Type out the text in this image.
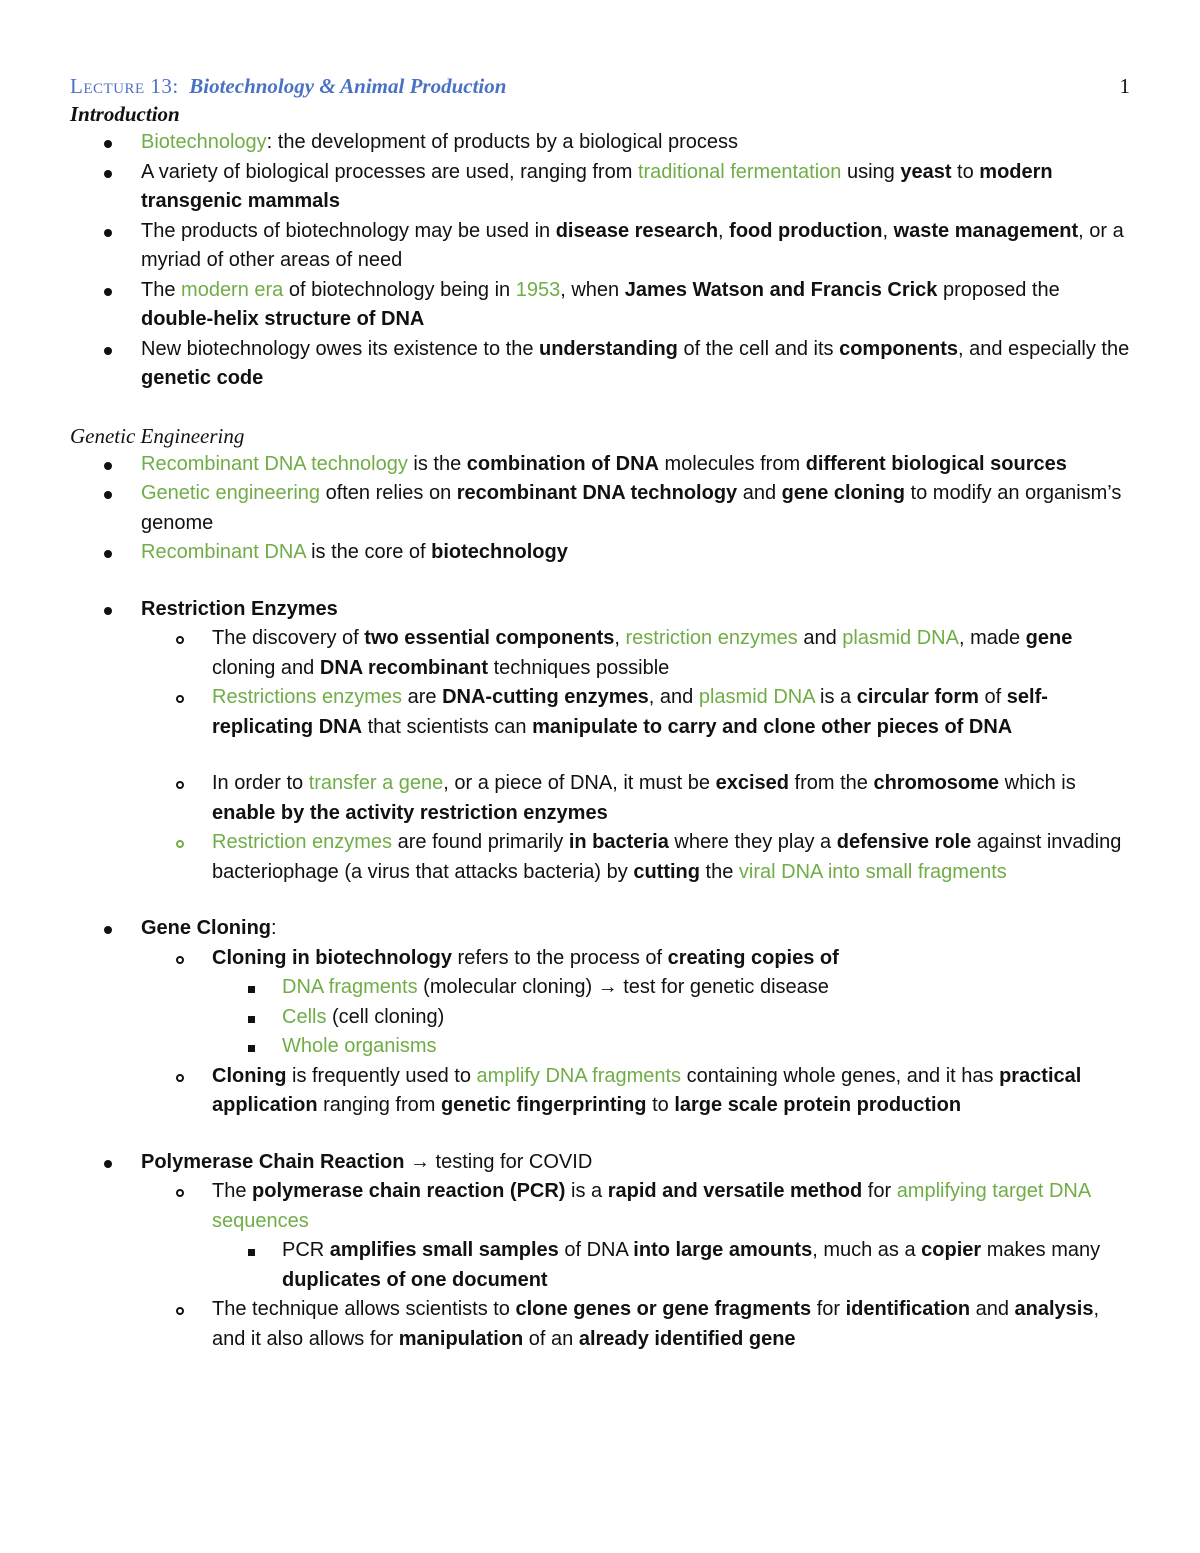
Lecture 13: Biotechnology & Animal Production	1

Introduction

Biotechnology: the development of products by a biological process
A variety of biological processes are used, ranging from traditional fermentation using yeast to modern transgenic mammals
The products of biotechnology may be used in disease research, food production, waste management, or a myriad of other areas of need
The modern era of biotechnology being in 1953, when James Watson and Francis Crick proposed the double-helix structure of DNA
New biotechnology owes its existence to the understanding of the cell and its components, and especially the genetic code

Genetic Engineering

Recombinant DNA technology is the combination of DNA molecules from different biological sources
Genetic engineering often relies on recombinant DNA technology and gene cloning to modify an organism’s genome
Recombinant DNA is the core of biotechnology
Restriction Enzymes
The discovery of two essential components, restriction enzymes and plasmid DNA, made gene cloning and DNA recombinant techniques possible
Restrictions enzymes are DNA-cutting enzymes, and plasmid DNA is a circular form of self-replicating DNA that scientists can manipulate to carry and clone other pieces of DNA
In order to transfer a gene, or a piece of DNA, it must be excised from the chromosome which is enable by the activity restriction enzymes
Restriction enzymes are found primarily in bacteria where they play a defensive role against invading bacteriophage (a virus that attacks bacteria) by cutting the viral DNA into small fragments
Gene Cloning:
Cloning in biotechnology refers to the process of creating copies of
DNA fragments (molecular cloning) → test for genetic disease
Cells (cell cloning)
Whole organisms
Cloning is frequently used to amplify DNA fragments containing whole genes, and it has practical application ranging from genetic fingerprinting to large scale protein production
Polymerase Chain Reaction → testing for COVID
The polymerase chain reaction (PCR) is a rapid and versatile method for amplifying target DNA sequences
PCR amplifies small samples of DNA into large amounts, much as a copier makes many duplicates of one document
The technique allows scientists to clone genes or gene fragments for identification and analysis, and it also allows for manipulation of an already identified gene
